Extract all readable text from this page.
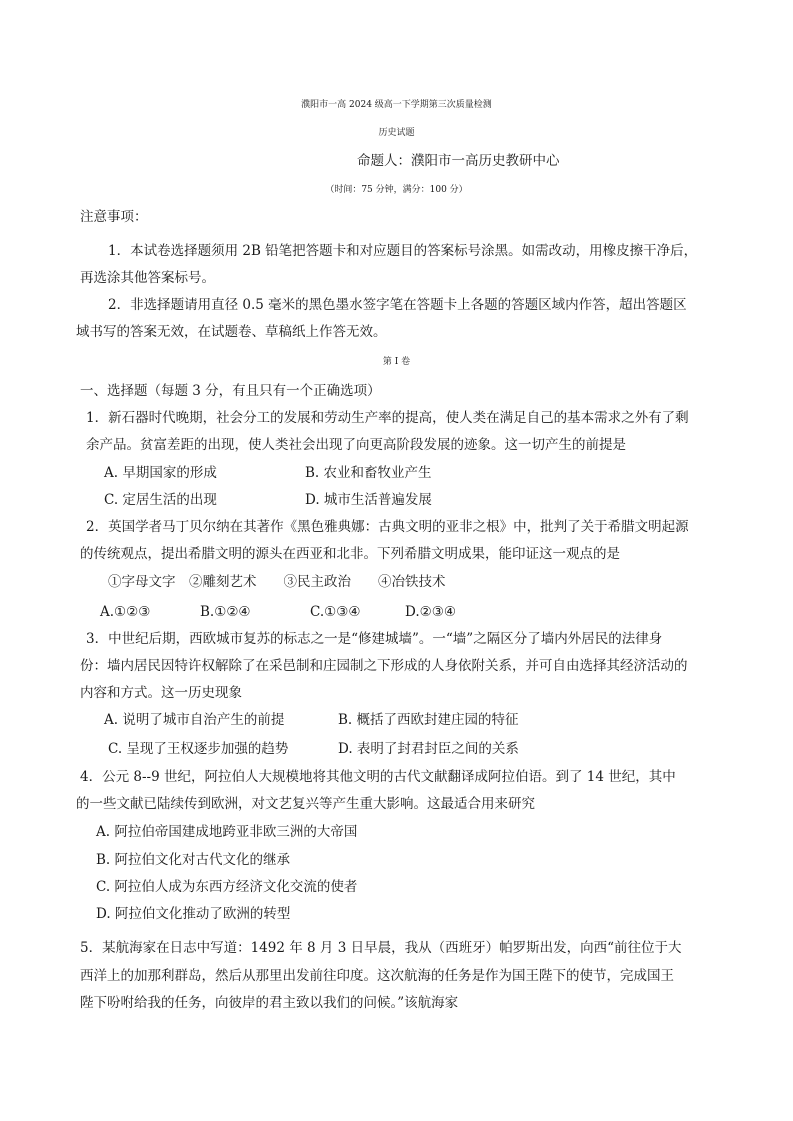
濮阳市一高 2024 级高一下学期第三次质量检测
历史试题
命题人：濮阳市一高历史教研中心
（时间：75 分钟，满分：100 分）
注意事项：
1．本试卷选择题须用 2B 铅笔把答题卡和对应题目的答案标号涂黑。如需改动，用橡皮擦干净后，
再选涂其他答案标号。
2．非选择题请用直径 0.5 毫米的黑色墨水签字笔在答题卡上各题的答题区域内作答，超出答题区
域书写的答案无效，在试题卷、草稿纸上作答无效。
第 I 卷
一、选择题（每题 3 分，有且只有一个正确选项）
1．新石器时代晚期，社会分工的发展和劳动生产率的提高，使人类在满足自己的基本需求之外有了剩
余产品。贫富差距的出现，使人类社会出现了向更高阶段发展的迹象。这一切产生的前提是
A. 早期国家的形成	B. 农业和畜牧业产生
C. 定居生活的出现	D. 城市生活普遍发展
2．英国学者马丁贝尔纳在其著作《黑色雅典娜：古典文明的亚非之根》中，批判了关于希腊文明起源
的传统观点，提出希腊文明的源头在西亚和北非。下列希腊文明成果，能印证这一观点的是
①字母文字　②雕刻艺术　　③民主政治　　④冶铁技术
A.①②③	B.①②④	C.①③④	D.②③④
3．中世纪后期，西欧城市复苏的标志之一是“修建城墙”。一“墙”之隔区分了墙内外居民的法律身
份：墙内居民因特许权解除了在采邑制和庄园制之下形成的人身依附关系，并可自由选择其经济活动的
内容和方式。这一历史现象
A. 说明了城市自治产生的前提	B. 概括了西欧封建庄园的特征
C. 呈现了王权逐步加强的趋势	D. 表明了封君封臣之间的关系
4．公元 8--9 世纪，阿拉伯人大规模地将其他文明的古代文献翻译成阿拉伯语。到了 14 世纪，其中
的一些文献已陆续传到欧洲，对文艺复兴等产生重大影响。这最适合用来研究
A. 阿拉伯帝国建成地跨亚非欧三洲的大帝国
B. 阿拉伯文化对古代文化的继承
C. 阿拉伯人成为东西方经济文化交流的使者
D. 阿拉伯文化推动了欧洲的转型
5．某航海家在日志中写道：1492 年 8 月 3 日早晨，我从（西班牙）帕罗斯出发，向西“前往位于大
西洋上的加那利群岛，然后从那里出发前往印度。这次航海的任务是作为国王陛下的使节，完成国王
陛下吩咐给我的任务，向彼岸的君主致以我们的问候。”该航海家
